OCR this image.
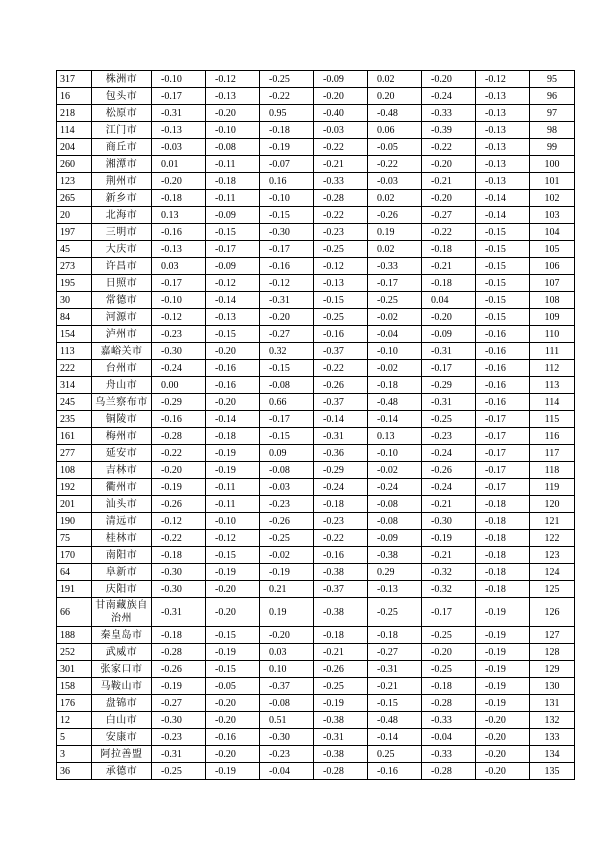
317	株洲市	-0.10	-0.12	-0.25	-0.09	0.02	-0.20	-0.12	95
16	包头市	-0.17	-0.13	-0.22	-0.20	0.20	-0.24	-0.13	96
218	松原市	-0.31	-0.20	0.95	-0.40	-0.48	-0.33	-0.13	97
114	江门市	-0.13	-0.10	-0.18	-0.03	0.06	-0.39	-0.13	98
204	商丘市	-0.03	-0.08	-0.19	-0.22	-0.05	-0.22	-0.13	99
260	湘潭市	0.01	-0.11	-0.07	-0.21	-0.22	-0.20	-0.13	100
123	荆州市	-0.20	-0.18	0.16	-0.33	-0.03	-0.21	-0.13	101
265	新乡市	-0.18	-0.11	-0.10	-0.28	0.02	-0.20	-0.14	102
20	北海市	0.13	-0.09	-0.15	-0.22	-0.26	-0.27	-0.14	103
197	三明市	-0.16	-0.15	-0.30	-0.23	0.19	-0.22	-0.15	104
45	大庆市	-0.13	-0.17	-0.17	-0.25	0.02	-0.18	-0.15	105
273	许昌市	0.03	-0.09	-0.16	-0.12	-0.33	-0.21	-0.15	106
195	日照市	-0.17	-0.12	-0.12	-0.13	-0.17	-0.18	-0.15	107
30	常德市	-0.10	-0.14	-0.31	-0.15	-0.25	0.04	-0.15	108
84	河源市	-0.12	-0.13	-0.20	-0.25	-0.02	-0.20	-0.15	109
154	泸州市	-0.23	-0.15	-0.27	-0.16	-0.04	-0.09	-0.16	110
113	嘉峪关市	-0.30	-0.20	0.32	-0.37	-0.10	-0.31	-0.16	111
222	台州市	-0.24	-0.16	-0.15	-0.22	-0.02	-0.17	-0.16	112
314	舟山市	0.00	-0.16	-0.08	-0.26	-0.18	-0.29	-0.16	113
245	乌兰察布市	-0.29	-0.20	0.66	-0.37	-0.48	-0.31	-0.16	114
235	铜陵市	-0.16	-0.14	-0.17	-0.14	-0.14	-0.25	-0.17	115
161	梅州市	-0.28	-0.18	-0.15	-0.31	0.13	-0.23	-0.17	116
277	延安市	-0.22	-0.19	0.09	-0.36	-0.10	-0.24	-0.17	117
108	吉林市	-0.20	-0.19	-0.08	-0.29	-0.02	-0.26	-0.17	118
192	衢州市	-0.19	-0.11	-0.03	-0.24	-0.24	-0.24	-0.17	119
201	汕头市	-0.26	-0.11	-0.23	-0.18	-0.08	-0.21	-0.18	120
190	清远市	-0.12	-0.10	-0.26	-0.23	-0.08	-0.30	-0.18	121
75	桂林市	-0.22	-0.12	-0.25	-0.22	-0.09	-0.19	-0.18	122
170	南阳市	-0.18	-0.15	-0.02	-0.16	-0.38	-0.21	-0.18	123
64	阜新市	-0.30	-0.19	-0.19	-0.38	0.29	-0.32	-0.18	124
191	庆阳市	-0.30	-0.20	0.21	-0.37	-0.13	-0.32	-0.18	125
66	甘南藏族自治州	-0.31	-0.20	0.19	-0.38	-0.25	-0.17	-0.19	126
188	秦皇岛市	-0.18	-0.15	-0.20	-0.18	-0.18	-0.25	-0.19	127
252	武威市	-0.28	-0.19	0.03	-0.21	-0.27	-0.20	-0.19	128
301	张家口市	-0.26	-0.15	0.10	-0.26	-0.31	-0.25	-0.19	129
158	马鞍山市	-0.19	-0.05	-0.37	-0.25	-0.21	-0.18	-0.19	130
176	盘锦市	-0.27	-0.20	-0.08	-0.19	-0.15	-0.28	-0.19	131
12	白山市	-0.30	-0.20	0.51	-0.38	-0.48	-0.33	-0.20	132
5	安康市	-0.23	-0.16	-0.30	-0.31	-0.14	-0.04	-0.20	133
3	阿拉善盟	-0.31	-0.20	-0.23	-0.38	0.25	-0.33	-0.20	134
36	承德市	-0.25	-0.19	-0.04	-0.28	-0.16	-0.28	-0.20	135
